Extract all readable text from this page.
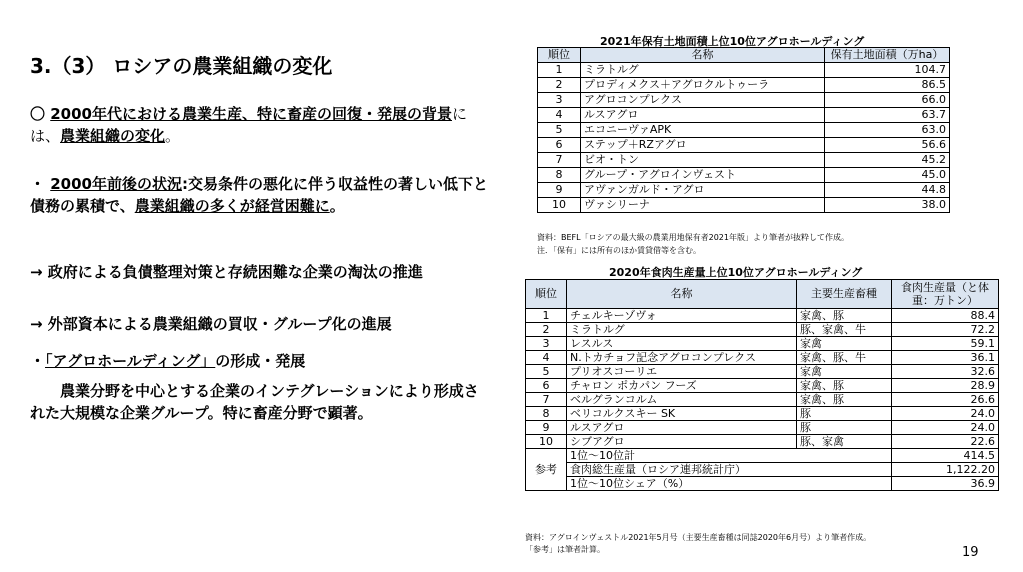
3.（3） ロシアの農業組織の変化
〇 2000年代における農業生産、特に畜産の回復・発展の背景には、農業組織の変化。
・ 2000年前後の状況:交易条件の悪化に伴う収益性の著しい低下と債務の累積で、農業組織の多くが経営困難に。
→ 政府による負債整理対策と存続困難な企業の淘汰の推進
→ 外部資本による農業組織の買収・グループ化の進展
・「アグロホールディング」の形成・発展
農業分野を中心とする企業のインテグレーションにより形成された大規模な企業グループ。特に畜産分野で顕著。
2021年保有土地面積上位10位アグロホールディング
順位	名称	保有土地面積（万ha）
1	ミラトルグ	104.7
2	プロディメクス＋アグロクルトゥーラ	86.5
3	アグロコンプレクス	66.0
4	ルスアグロ	63.7
5	エコニーヴァAPK	63.0
6	ステップ＋RZアグロ	56.6
7	ビオ・トン	45.2
8	グループ・アグロインヴェスト	45.0
9	アヴァンガルド・アグロ	44.8
10	ヴァシリーナ	38.0
資料：BEFL「ロシアの最大級の農業用地保有者2021年版」より筆者が抜粋して作成。
注．「保有」には所有のほか賃貸借等を含む。
2020年食肉生産量上位10位アグロホールディング
順位	名称	主要生産畜種	食肉生産量（と体重：万トン）
1	チェルキーゾヴォ	家禽、豚	88.4
2	ミラトルグ	豚、家禽、牛	72.2
3	レスルス	家禽	59.1
4	N.トカチョフ記念アグロコンプレクス	家禽、豚、牛	36.1
5	プリオスコーリエ	家禽	32.6
6	チャロン ポカパン フーズ	家禽、豚	28.9
7	ベルグランコルム	家禽、豚	26.6
8	ベリコルクスキー SK	豚	24.0
9	ルスアグロ	豚	24.0
10	シブアグロ	豚、家禽	22.6
参考	1位～10位計		414.5
	食肉総生産量（ロシア連邦統計庁）		1,122.20
	1位～10位シェア（%）		36.9
資料：アグロインヴェストル2021年5月号（主要生産畜種は同誌2020年6月号）より筆者作成。
「参考」は筆者計算。	19
